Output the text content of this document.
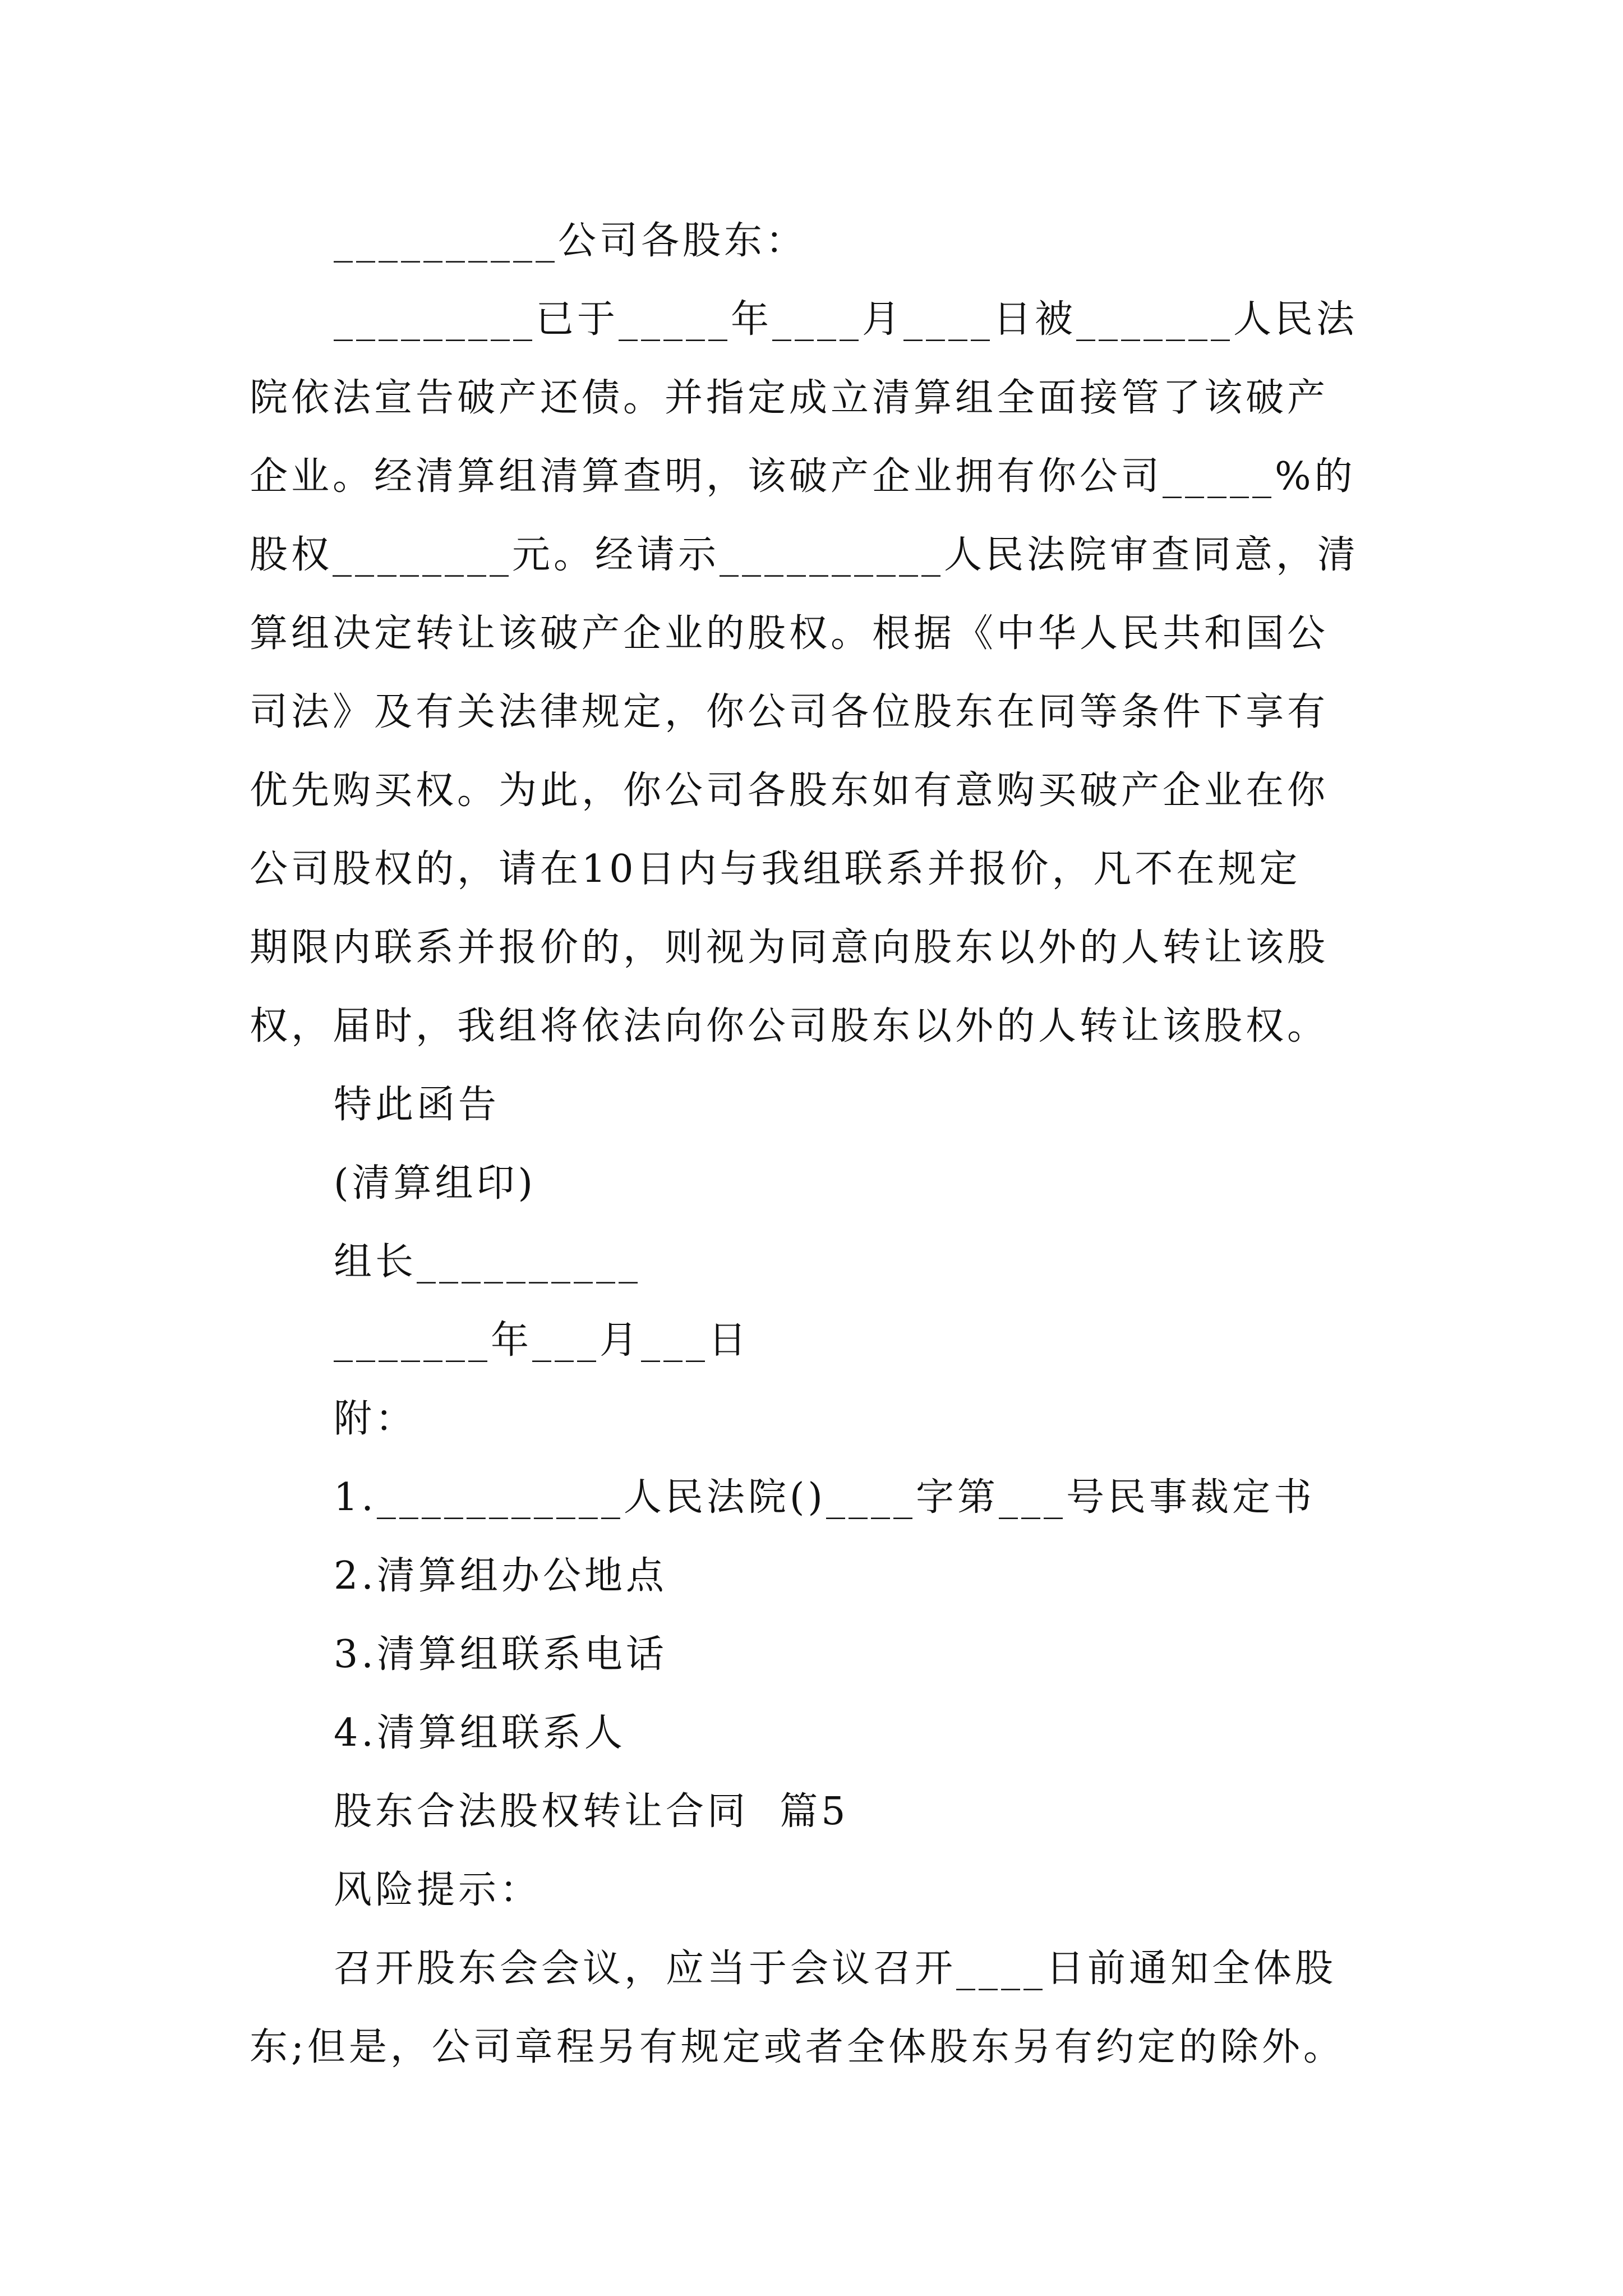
__________公司各股东：
_________已于_____年____月____日被_______人民法
院依法宣告破产还债。并指定成立清算组全面接管了该破产
企业。经清算组清算查明，该破产企业拥有你公司_____%的
股权________元。经请示__________人民法院审查同意，清
算组决定转让该破产企业的股权。根据《中华人民共和国公
司法》及有关法律规定，你公司各位股东在同等条件下享有
优先购买权。为此，你公司各股东如有意购买破产企业在你
公司股权的，请在10日内与我组联系并报价，凡不在规定
期限内联系并报价的，则视为同意向股东以外的人转让该股
权，届时，我组将依法向你公司股东以外的人转让该股权。
特此函告
(清算组印)
组长__________
_______年___月___日
附：
1.___________人民法院()____字第___号民事裁定书
2.清算组办公地点
3.清算组联系电话
4.清算组联系人
股东合法股权转让合同  篇5
风险提示：
召开股东会会议，应当于会议召开____日前通知全体股
东;但是，公司章程另有规定或者全体股东另有约定的除外。
